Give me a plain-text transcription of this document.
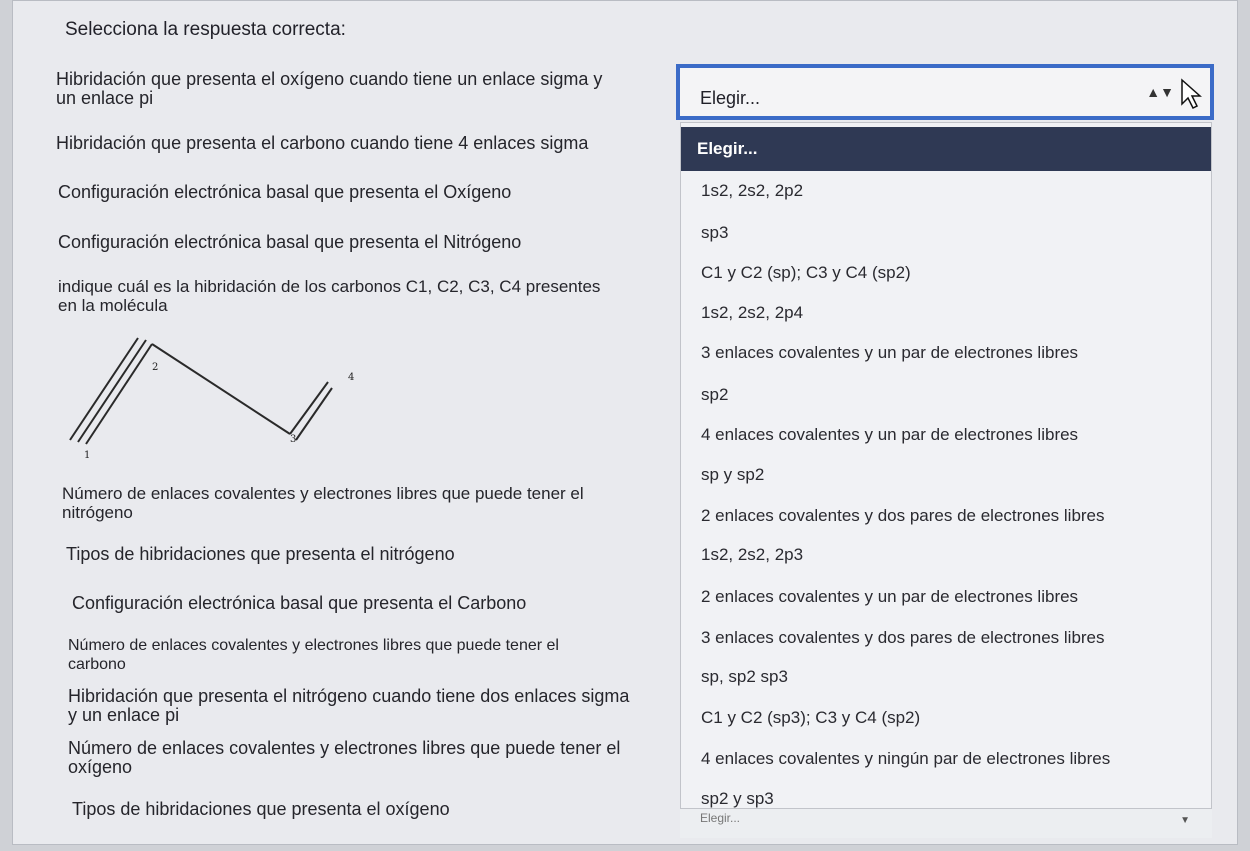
Selecciona la respuesta correcta:
Hibridación que presenta el oxígeno cuando tiene un enlace sigma y
un enlace pi
Hibridación que presenta el carbono cuando tiene 4 enlaces sigma
Configuración electrónica basal que presenta el Oxígeno
Configuración electrónica basal que presenta el Nitrógeno
indique cuál es la hibridación de los carbonos C1, C2, C3, C4 presentes
en la molécula
1
2
3
4
Número de enlaces covalentes y electrones libres que puede tener el
nitrógeno
Tipos de hibridaciones que presenta el nitrógeno
Configuración electrónica basal que presenta el Carbono
Número de enlaces covalentes y electrones libres que puede tener el
carbono
Hibridación que presenta el nitrógeno cuando tiene dos enlaces sigma
y un enlace pi
Número de enlaces covalentes y electrones libres que puede tener el
oxígeno
Tipos de hibridaciones que presenta el oxígeno
Elegir...	▲▼
Elegir...
1s2, 2s2, 2p2
sp3
C1 y C2 (sp); C3 y C4 (sp2)
1s2, 2s2, 2p4
3 enlaces covalentes y un par de electrones libres
sp2
4 enlaces covalentes y un par de electrones libres
sp y sp2
2 enlaces covalentes y dos pares de electrones libres
1s2, 2s2, 2p3
2 enlaces covalentes y un par de electrones libres
3 enlaces covalentes y dos pares de electrones libres
sp, sp2 sp3
C1 y C2 (sp3); C3 y C4 (sp2)
4 enlaces covalentes y ningún par de electrones libres
sp2 y sp3
Elegir...	▼
